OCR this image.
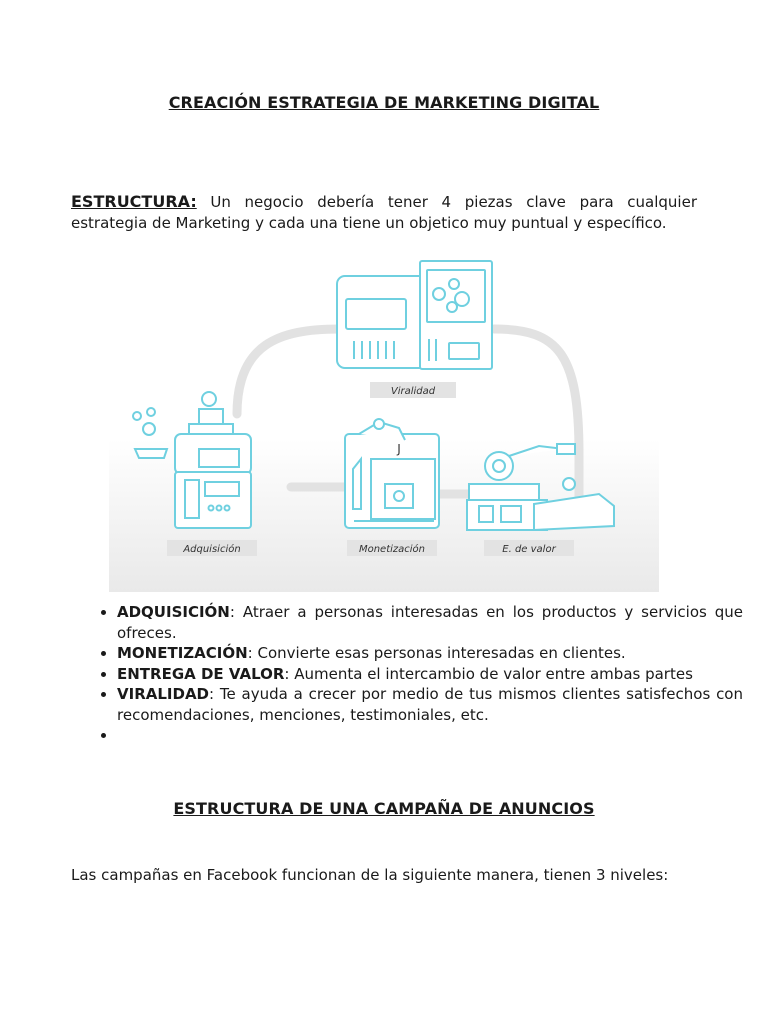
CREACIÓN ESTRATEGIA DE MARKETING DIGITAL
ESTRUCTURA: Un negocio debería tener 4 piezas clave para cualquier estrategia de Marketing y cada una tiene un objetico muy puntual y específico.
Viralidad
Adquisición
J
Monetización	E. de valor
• ADQUISICIÓN: Atraer a personas interesadas en los productos y servicios que ofreces.
• MONETIZACIÓN: Convierte esas personas interesadas en clientes.
• ENTREGA DE VALOR: Aumenta el intercambio de valor entre ambas partes
• VIRALIDAD: Te ayuda a crecer por medio de tus mismos clientes satisfechos con recomendaciones, menciones, testimoniales, etc.
•
ESTRUCTURA DE UNA CAMPAÑA DE ANUNCIOS
Las campañas en Facebook funcionan de la siguiente manera, tienen 3 niveles:
